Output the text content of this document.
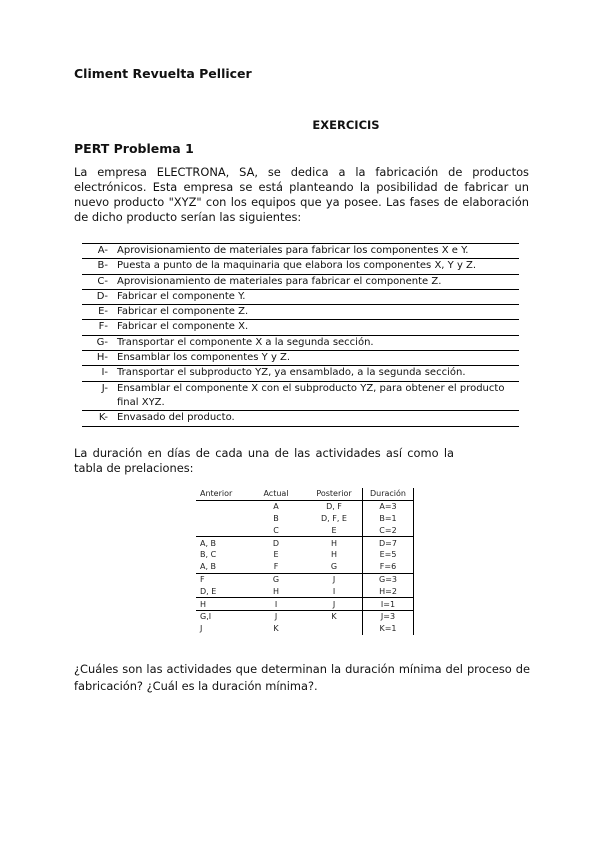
Climent Revuelta Pellicer
EXERCICIS
PERT Problema 1
La empresa ELECTRONA, SA, se dedica a la fabricación de productos electrónicos. Esta empresa se está planteando la posibilidad de fabricar un nuevo producto "XYZ" con los equipos que ya posee. Las fases de elaboración de dicho producto serían las siguientes:
A- Aprovisionamiento de materiales para fabricar los componentes X e Y.
B- Puesta a punto de la maquinaria que elabora los componentes X, Y y Z.
C- Aprovisionamiento de materiales para fabricar el componente Z.
D- Fabricar el componente Y.
E- Fabricar el componente Z.
F- Fabricar el componente X.
G- Transportar el componente X a la segunda sección.
H- Ensamblar los componentes Y y Z.
I- Transportar el subproducto YZ, ya ensamblado, a la segunda sección.
J- Ensamblar el componente X con el subproducto YZ, para obtener el producto final XYZ.
K- Envasado del producto.
La duración en días de cada una de las actividades así como la tabla de prelaciones:
Anterior	Actual	Posterior	Duración
	A	D, F	A=3
	B	D, F, E	B=1
	C	E	C=2
A, B	D	H	D=7
B, C	E	H	E=5
A, B	F	G	F=6
F	G	J	G=3
D, E	H	I	H=2
H	I	J	I=1
G,I	J	K	J=3
J	K		K=1
¿Cuáles son las actividades que determinan la duración mínima del proceso de fabricación? ¿Cuál es la duración mínima?.
